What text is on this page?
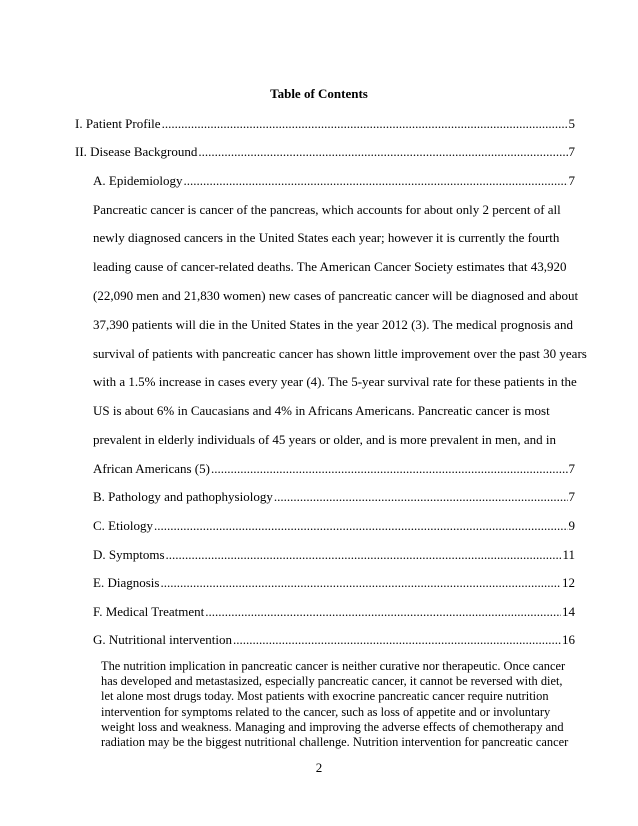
Table of Contents
I. Patient Profile .....	5
II. Disease Background .....	7
A. Epidemiology .....	7
Pancreatic cancer is cancer of the pancreas, which accounts for about only 2 percent of all
newly diagnosed cancers in the United States each year; however it is currently the fourth
leading cause of cancer-related deaths. The American Cancer Society estimates that 43,920
(22,090 men and 21,830 women) new cases of pancreatic cancer will be diagnosed and about
37,390 patients will die in the United States in the year 2012 (3). The medical prognosis and
survival of patients with pancreatic cancer has shown little improvement over the past 30 years
with a 1.5% increase in cases every year (4). The 5-year survival rate for these patients in the
US is about 6% in Caucasians and 4% in Africans Americans. Pancreatic cancer is most
prevalent in elderly individuals of 45 years or older, and is more prevalent in men, and in
African Americans (5) .....	7
B. Pathology and pathophysiology .....	7
C. Etiology .....	9
D. Symptoms .....	11
E. Diagnosis .....	12
F. Medical Treatment .....	14
G. Nutritional intervention .....	16
The nutrition implication in pancreatic cancer is neither curative nor therapeutic. Once cancer
has developed and metastasized, especially pancreatic cancer, it cannot be reversed with diet,
let alone most drugs today. Most patients with exocrine pancreatic cancer require nutrition
intervention for symptoms related to the cancer, such as loss of appetite and or involuntary
weight loss and weakness. Managing and improving the adverse effects of chemotherapy and
radiation may be the biggest nutritional challenge. Nutrition intervention for pancreatic cancer
2
